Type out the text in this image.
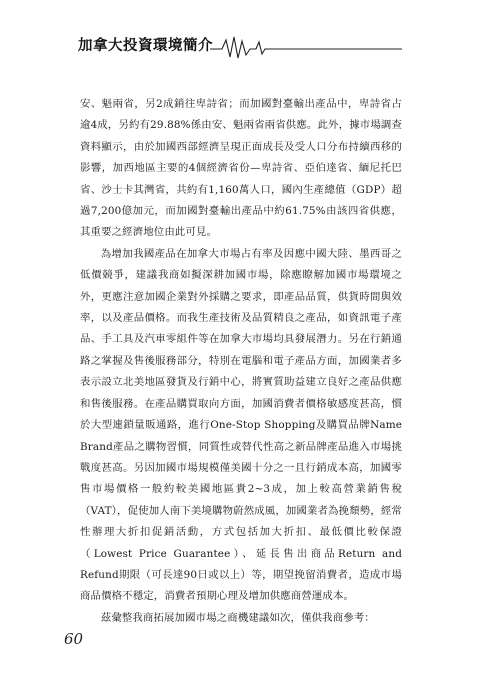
加拿大投資環境簡介

安、魁兩省，另2成銷往卑詩省；而加國對臺輸出產品中，卑詩省占逾4成，另約有29.88%係由安、魁兩省兩省供應。此外，據市場調查資料顯示，由於加國西部經濟呈現正面成長及受人口分布持續西移的影響，加西地區主要的4個經濟省份—卑詩省、亞伯達省、緬尼托巴省、沙士卡其灣省，共約有1,160萬人口，國內生產總值（GDP）超過7,200億加元，而加國對臺輸出產品中約61.75%由該四省供應，其重要之經濟地位由此可見。

為增加我國產品在加拿大市場占有率及因應中國大陸、墨西哥之低價競爭，建議我商如擬深耕加國市場，除應瞭解加國市場環境之外，更應注意加國企業對外採購之要求，即產品品質，供貨時間與效率，以及產品價格。而我生產技術及品質精良之產品，如資訊電子產品、手工具及汽車零組件等在加拿大市場均具發展潛力。另在行銷通路之掌握及售後服務部分，特別在電腦和電子產品方面，加國業者多表示設立北美地區發貨及行銷中心，將實質助益建立良好之產品供應和售後服務。在產品購買取向方面，加國消費者價格敏感度甚高，慣於大型連鎖量販通路，進行One-Stop Shopping及購買品牌Name Brand產品之購物習慣，同質性或替代性高之新品牌產品進入市場挑戰度甚高。另因加國市場規模僅美國十分之一且行銷成本高，加國零售市場價格一般約較美國地區貴2~3成，加上較高營業銷售稅（VAT），促使加人南下美境購物蔚然成風，加國業者為挽頹勢，經常性辦理大折扣促銷活動，方式包括加大折扣、最低價比較保證（Lowest Price Guarantee）、延長售出商品Return and Refund期限（可長達90日或以上）等，期望挽留消費者，造成市場商品價格不穩定，消費者預期心理及增加供應商營運成本。

茲彙整我商拓展加國市場之商機建議如次，僅供我商參考：

60
